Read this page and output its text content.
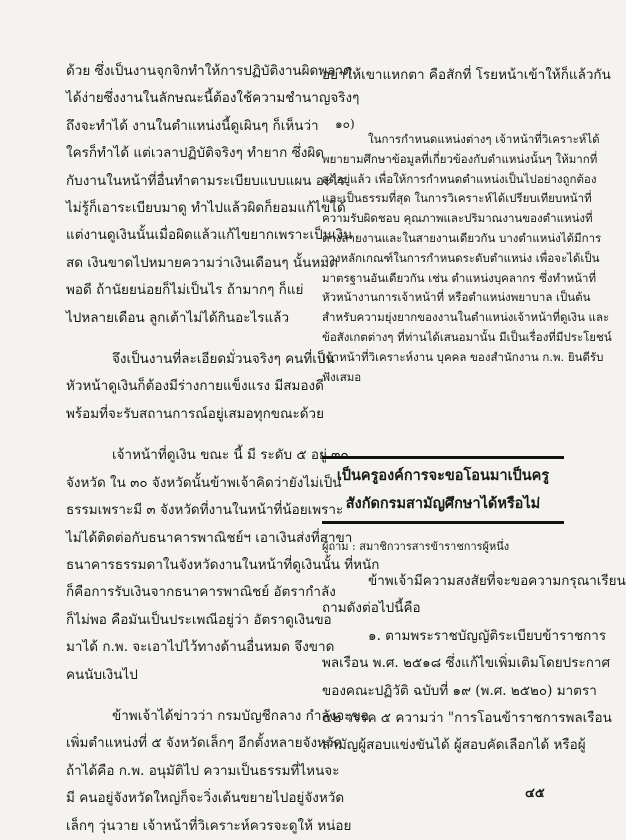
ด้วย ซึ่งเป็นงานจุกจิกทำให้การปฏิบัติงานผิดพลาด
ได้ง่ายซึ่งงานในลักษณะนี้ต้องใช้ความชำนาญจริงๆ
ถึงจะทำได้ งานในตำแหน่งนี้ดูเผินๆ ก็เห็นว่า
ใครก็ทำได้ แต่เวลาปฏิบัติจริงๆ ทำยาก ซึ่งผิด
กับงานในหน้าที่อื่นทำตามระเบียบแบบแผน อะไร
ไม่รู้ก็เอาระเบียบมาดู ทำไปแล้วผิดก็ยอมแก้ไขได้
แต่งานดูเงินนั้นเมื่อผิดแล้วแก้ไขยากเพราะเป็นเงิน
สด เงินขาดไปหมายความว่าเงินเดือนๆ นั้นหมด
พอดี ถ้านัยยน่อยก็ไม่เป็นไร ถ้ามากๆ ก็แย่
ไปหลายเดือน ลูกเต้าไม่ได้กินอะไรแล้ว

จึงเป็นงานที่ละเอียดมั่วนจริงๆ คนที่เป็น
หัวหน้าดูเงินก็ต้องมีร่างกายแข็งแรง มีสมองดี
พร้อมที่จะรับสถานการณ์อยู่เสมอทุกขณะด้วย

เจ้าหน้าที่ดูเงิน ขณะ นี้ มี ระดับ ๕ อยู่ ๓๐
จังหวัด ใน ๓๐ จังหวัดนั้นข้าพเจ้าคิดว่ายังไม่เป็น
ธรรมเพราะมี ๓ จังหวัดที่งานในหน้าที่น้อยเพราะ
ไม่ได้ติดต่อกับธนาคารพาณิชย์ฯ เอาเงินส่งที่สาขา
ธนาคารธรรมดาในจังหวัดงานในหน้าที่ดูเงินนั้น ที่หนัก
ก็คือการรับเงินจากธนาคารพาณิชย์ อัตรากำลัง
ก็ไม่พอ คือมันเป็นประเพณีอยู่ว่า อัตราดูเงินขอ
มาได้ ก.พ. จะเอาไปไว้ทางด้านอื่นหมด จึงขาด
คนนับเงินไป

ข้าพเจ้าได้ข่าวว่า กรมบัญชีกลาง กำลังจะขอ
เพิ่มตำแหน่งที่ ๕ จังหวัดเล็กๆ อีกตั้งหลายจังหวัด
ถ้าได้คือ ก.พ. อนุมัติไป ความเป็นธรรมที่ไหนจะ
มี คนอยู่จังหวัดใหญ่ก็จะวิ่งเต้นขยายไปอยู่จังหวัด
เล็กๆ วุ่นวาย เจ้าหน้าที่วิเคราะห์ควรจะดูให้ หน่อย

อย่าให้เขาแหกตา คือสักที่ โรยหน้าเข้าให้ก็แล้วกัน
๑๐)

ในการกำหนดแหน่งต่างๆ เจ้าหน้าที่วิเคราะห์ได้
พยายามศึกษาข้อมูลที่เกี่ยวข้องกับตำแหน่งนั้นๆ ให้มากที่
สุดอยู่แล้ว เพื่อให้การกำหนดตำแหน่งเป็นไปอย่างถูกต้อง
และเป็นธรรมที่สุด ในการวิเคราะห์ได้เปรียบเทียบหน้าที่
ความรับผิดชอบ คุณภาพและปริมาณงานของตำแหน่งที่
ต่างสายงานและในสายงานเดียวกัน บางตำแหน่งได้มีการ
วางหลักเกณฑ์ในการกำหนดระดับตำแหน่ง เพื่อจะได้เป็น
มาตรฐานอันเดียวกัน เช่น ตำแหน่งบุคลากร ซึ่งทำหน้าที่
หัวหน้างานการเจ้าหน้าที่ หรือตำแหน่งพยาบาล เป็นต้น
สำหรับความยุ่งยากของงานในตำแหน่งเจ้าหน้าที่ดูเงิน และ
ข้อสังเกตต่างๆ ที่ท่านได้เสนอมานั้น มีเป็นเรื่องที่มีประโยชน์
เจ้าหน้าที่วิเคราะห์งาน บุคคล ของสำนักงาน ก.พ. ยินดีรับ
ฟังเสมอ

เป็นครูองค์การจะขอโอนมาเป็นครู
สังกัดกรมสามัญศึกษาได้หรือไม่
ผู้ถาม : สมาชิกวารสารข้าราชการผู้หนึ่ง

ข้าพเจ้ามีความสงสัยที่จะขอความกรุณาเรียน
ถามดังต่อไปนี้คือ
๑. ตามพระราชบัญญัติระเบียบข้าราชการ
พลเรือน พ.ศ. ๒๕๑๘ ซึ่งแก้ไขเพิ่มเติมโดยประกาศ
ของคณะปฏิวัติ ฉบับที่ ๑๙ (พ.ศ. ๒๕๒๐) มาตรา
๕๒ วรรค ๕ ความว่า "การโอนข้าราชการพลเรือน
สามัญผู้สอบแข่งขันได้ ผู้สอบคัดเลือกได้ หรือผู้

๔๕
